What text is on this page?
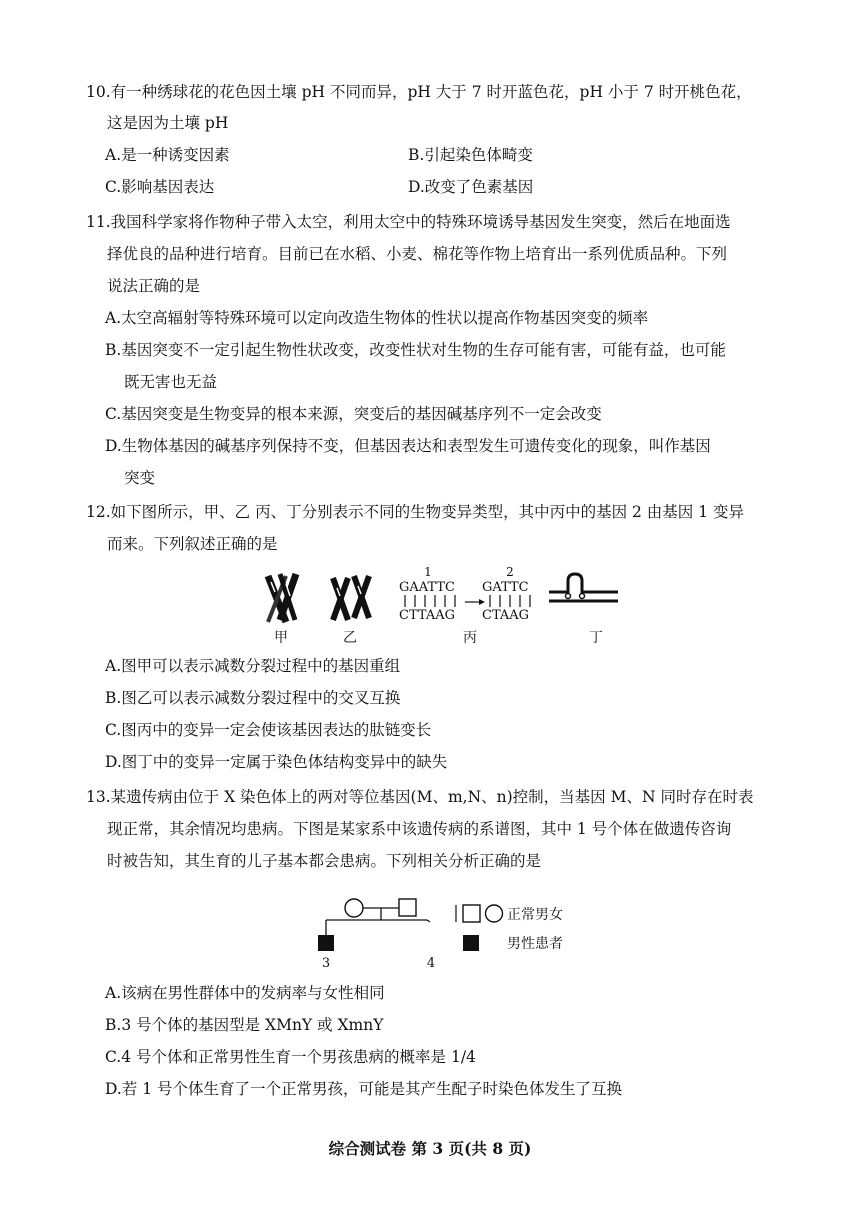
10.有一种绣球花的花色因土壤 pH 不同而异，pH 大于 7 时开蓝色花，pH 小于 7 时开桃色花，
这是因为土壤 pH
A.是一种诱变因素	B.引起染色体畸变
C.影响基因表达	D.改变了色素基因
11.我国科学家将作物种子带入太空，利用太空中的特殊环境诱导基因发生突变，然后在地面选
择优良的品种进行培育。目前已在水稻、小麦、棉花等作物上培育出一系列优质品种。下列
说法正确的是
A.太空高辐射等特殊环境可以定向改造生物体的性状以提高作物基因突变的频率
B.基因突变不一定引起生物性状改变，改变性状对生物的生存可能有害，可能有益，也可能
既无害也无益
C.基因突变是生物变异的根本来源，突变后的基因碱基序列不一定会改变
D.生物体基因的碱基序列保持不变，但基因表达和表型发生可遗传变化的现象，叫作基因
突变
12.如下图所示，甲、乙 丙、丁分别表示不同的生物变异类型，其中丙中的基因 2 由基因 1 变异
而来。下列叙述正确的是
甲	乙
1	2
GAATTC
CTTAAG
GATTC
CTAAG
丙	丁
A.图甲可以表示减数分裂过程中的基因重组
B.图乙可以表示减数分裂过程中的交叉互换
C.图丙中的变异一定会使该基因表达的肽链变长
D.图丁中的变异一定属于染色体结构变异中的缺失
13.某遗传病由位于 X 染色体上的两对等位基因(M、m,N、n)控制，当基因 M、N 同时存在时表
现正常，其余情况均患病。下图是某家系中该遗传病的系谱图，其中 1 号个体在做遗传咨询
时被告知，其生育的儿子基本都会患病。下列相关分析正确的是
3	4
正常男女
男性患者
A.该病在男性群体中的发病率与女性相同
B.3 号个体的基因型是 XMnY 或 XmnY
C.4 号个体和正常男性生育一个男孩患病的概率是 1/4
D.若 1 号个体生育了一个正常男孩，可能是其产生配子时染色体发生了互换
综合测试卷 第 3 页(共 8 页)
